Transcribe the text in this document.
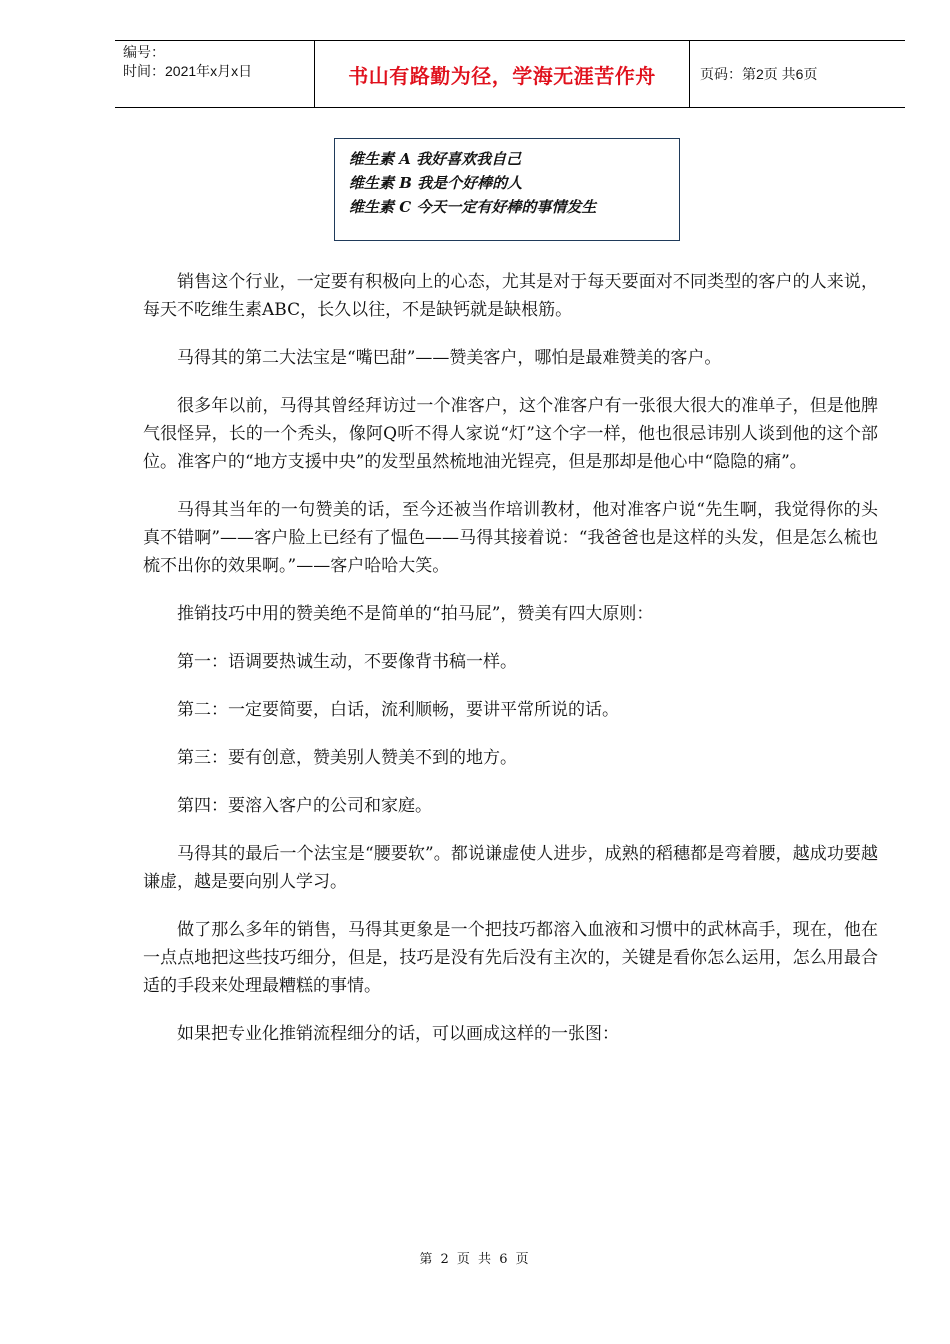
编号：
时间：2021年x月x日	书山有路勤为径，学海无涯苦作舟	页码：第2页 共6页
维生素 A 我好喜欢我自己
维生素 B 我是个好棒的人
维生素 C 今天一定有好棒的事情发生

销售这个行业，一定要有积极向上的心态，尤其是对于每天要面对不同类型的客户的人来说，每天不吃维生素ABC，长久以往，不是缺钙就是缺根筋。

马得其的第二大法宝是“嘴巴甜”——赞美客户，哪怕是最难赞美的客户。

很多年以前，马得其曾经拜访过一个准客户，这个准客户有一张很大很大的准单子，但是他脾气很怪异，长的一个秃头，像阿Q听不得人家说“灯”这个字一样，他也很忌讳别人谈到他的这个部位。准客户的“地方支援中央”的发型虽然梳地油光锃亮，但是那却是他心中“隐隐的痛”。

马得其当年的一句赞美的话，至今还被当作培训教材，他对准客户说“先生啊，我觉得你的头真不错啊”——客户脸上已经有了愠色——马得其接着说：“我爸爸也是这样的头发，但是怎么梳也梳不出你的效果啊。”——客户哈哈大笑。

推销技巧中用的赞美绝不是简单的“拍马屁”，赞美有四大原则：

第一：语调要热诚生动，不要像背书稿一样。

第二：一定要简要，白话，流利顺畅，要讲平常所说的话。

第三：要有创意，赞美别人赞美不到的地方。

第四：要溶入客户的公司和家庭。

马得其的最后一个法宝是“腰要软”。都说谦虚使人进步，成熟的稻穗都是弯着腰，越成功要越谦虚，越是要向别人学习。

做了那么多年的销售，马得其更象是一个把技巧都溶入血液和习惯中的武林高手，现在，他在一点点地把这些技巧细分，但是，技巧是没有先后没有主次的，关键是看你怎么运用，怎么用最合适的手段来处理最糟糕的事情。

如果把专业化推销流程细分的话，可以画成这样的一张图：

第 2 页 共 6 页
